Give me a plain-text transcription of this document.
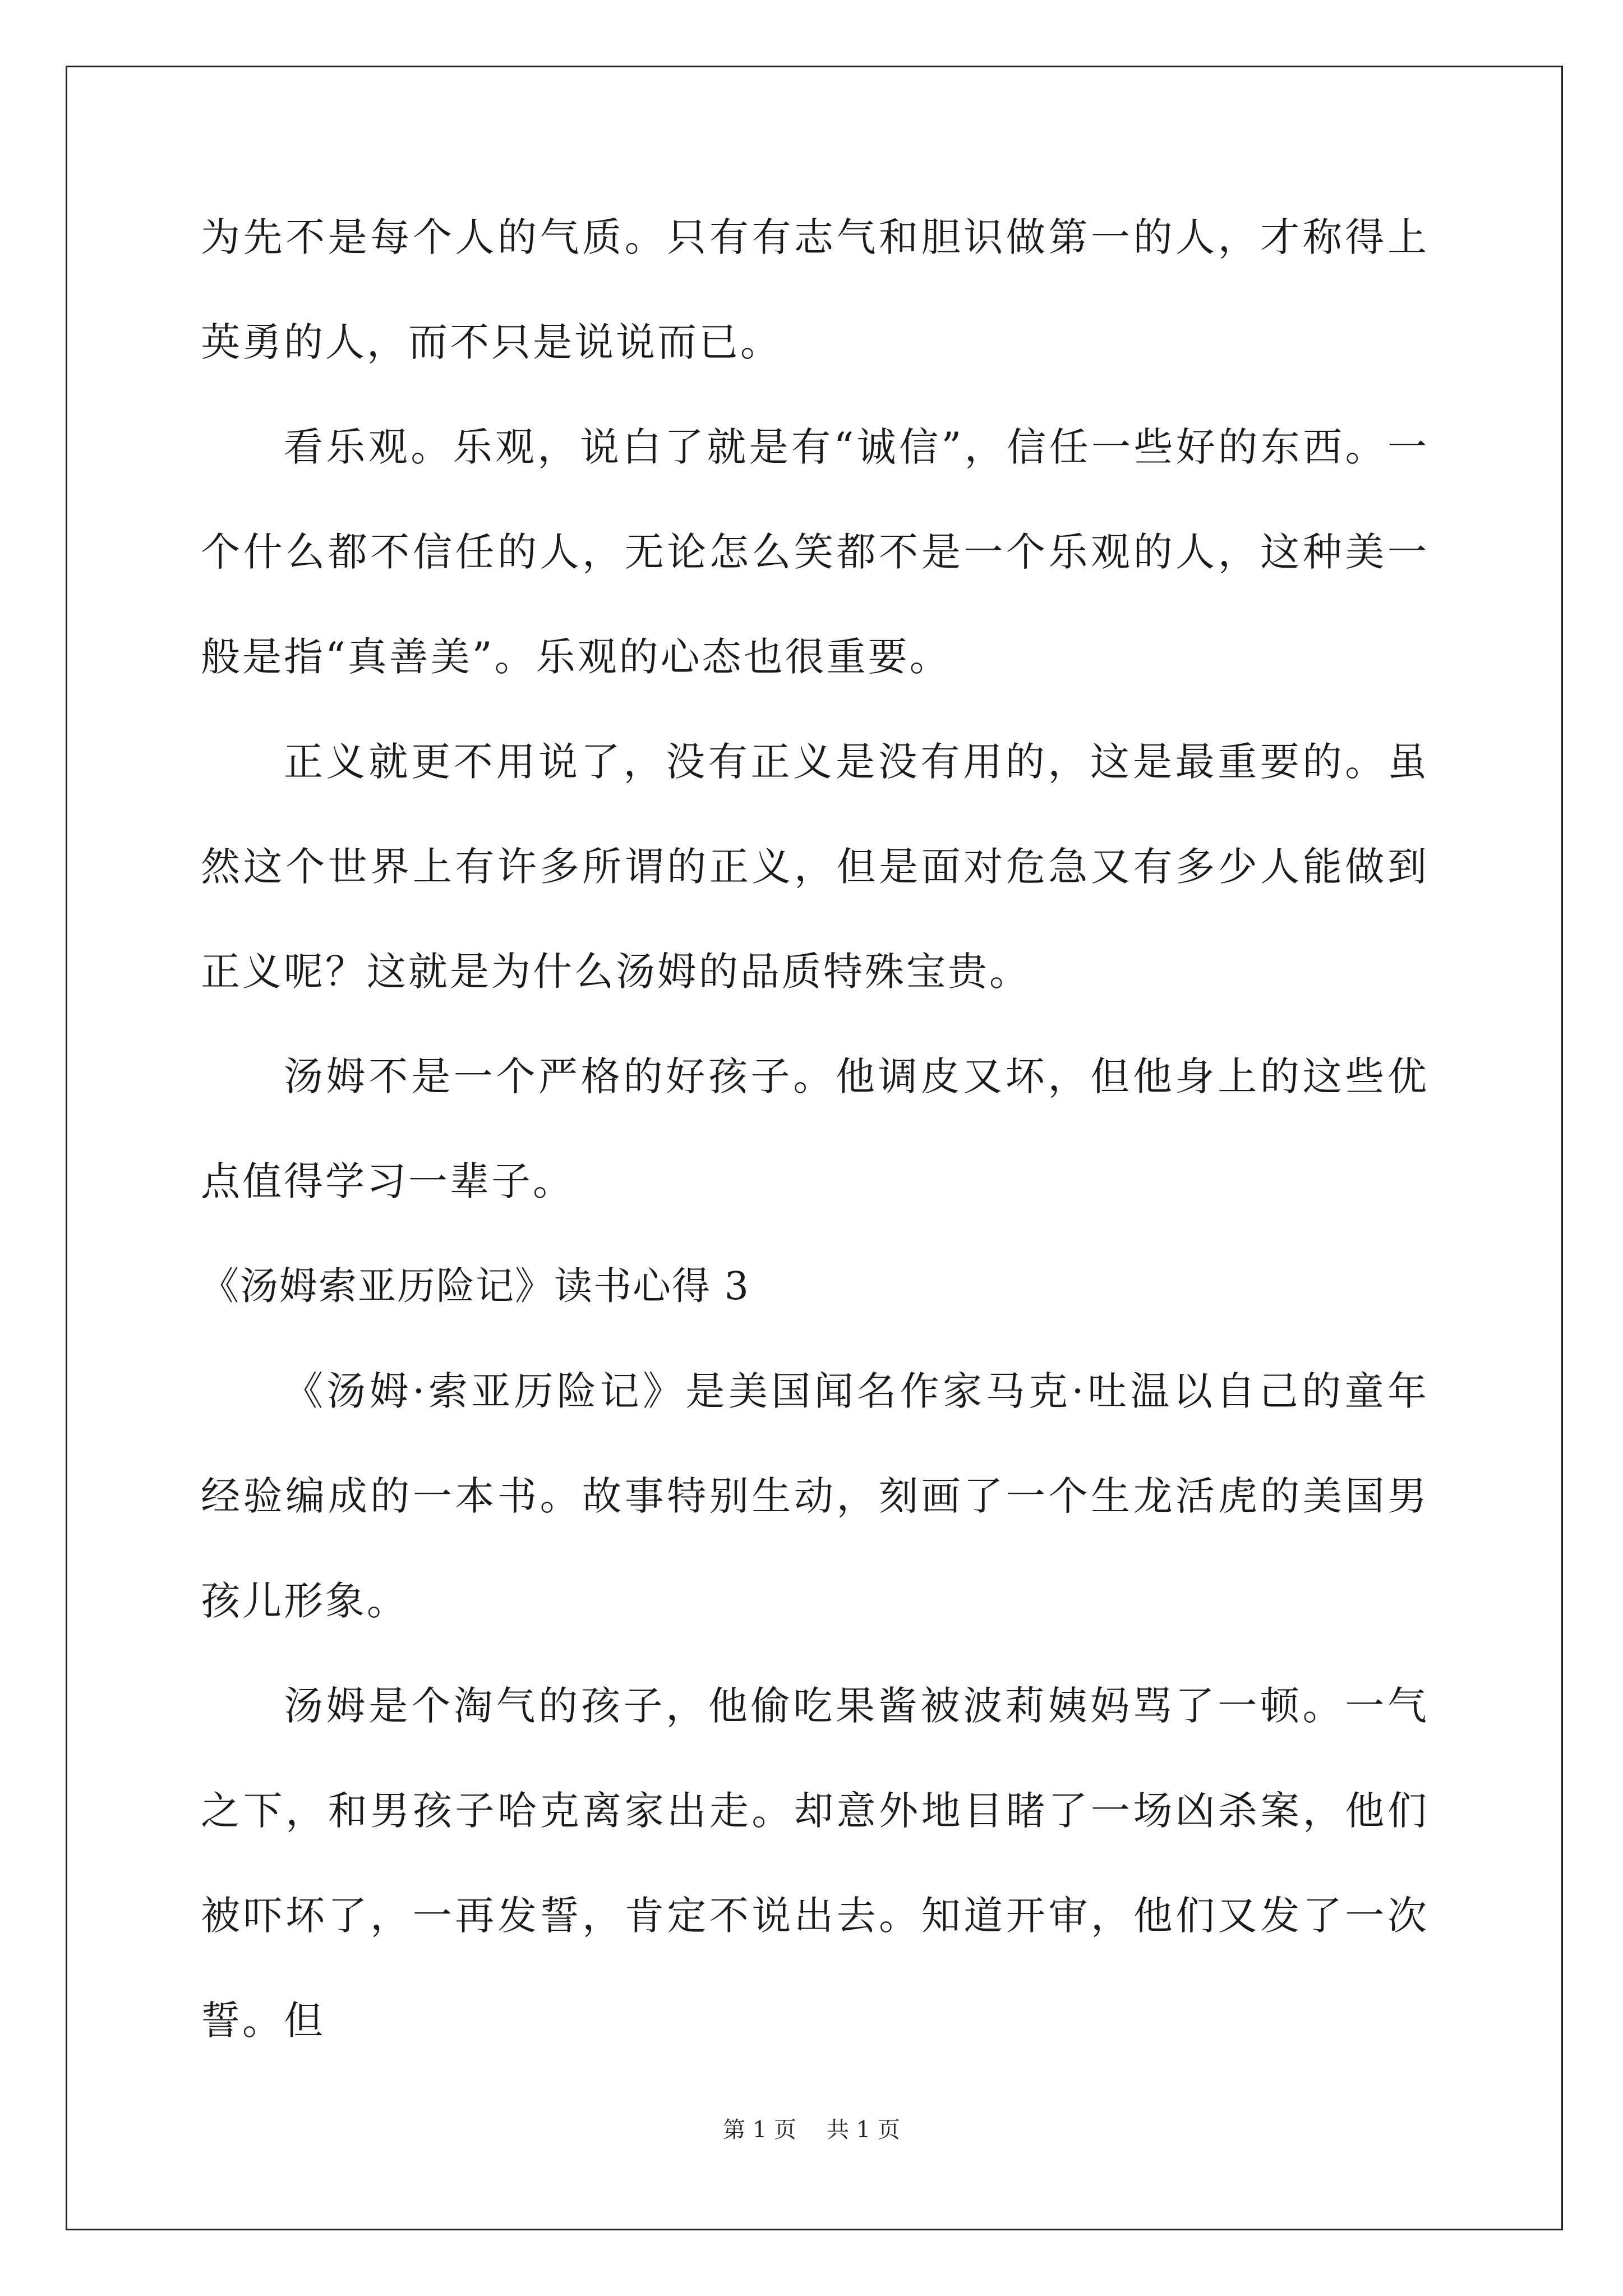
为先不是每个人的气质。只有有志气和胆识做第一的人，才称得上英勇的人，而不只是说说而已。

看乐观。乐观，说白了就是有“诚信”，信任一些好的东西。一个什么都不信任的人，无论怎么笑都不是一个乐观的人，这种美一般是指“真善美”。乐观的心态也很重要。

正义就更不用说了，没有正义是没有用的，这是最重要的。虽然这个世界上有许多所谓的正义，但是面对危急又有多少人能做到正义呢？这就是为什么汤姆的品质特殊宝贵。

汤姆不是一个严格的好孩子。他调皮又坏，但他身上的这些优点值得学习一辈子。

《汤姆索亚历险记》读书心得 3

《汤姆·索亚历险记》是美国闻名作家马克·吐温以自己的童年经验编成的一本书。故事特别生动，刻画了一个生龙活虎的美国男孩儿形象。

汤姆是个淘气的孩子，他偷吃果酱被波莉姨妈骂了一顿。一气之下，和男孩子哈克离家出走。却意外地目睹了一场凶杀案，他们被吓坏了，一再发誓，肯定不说出去。知道开审，他们又发了一次誓。但

第 1 页 共 1 页
